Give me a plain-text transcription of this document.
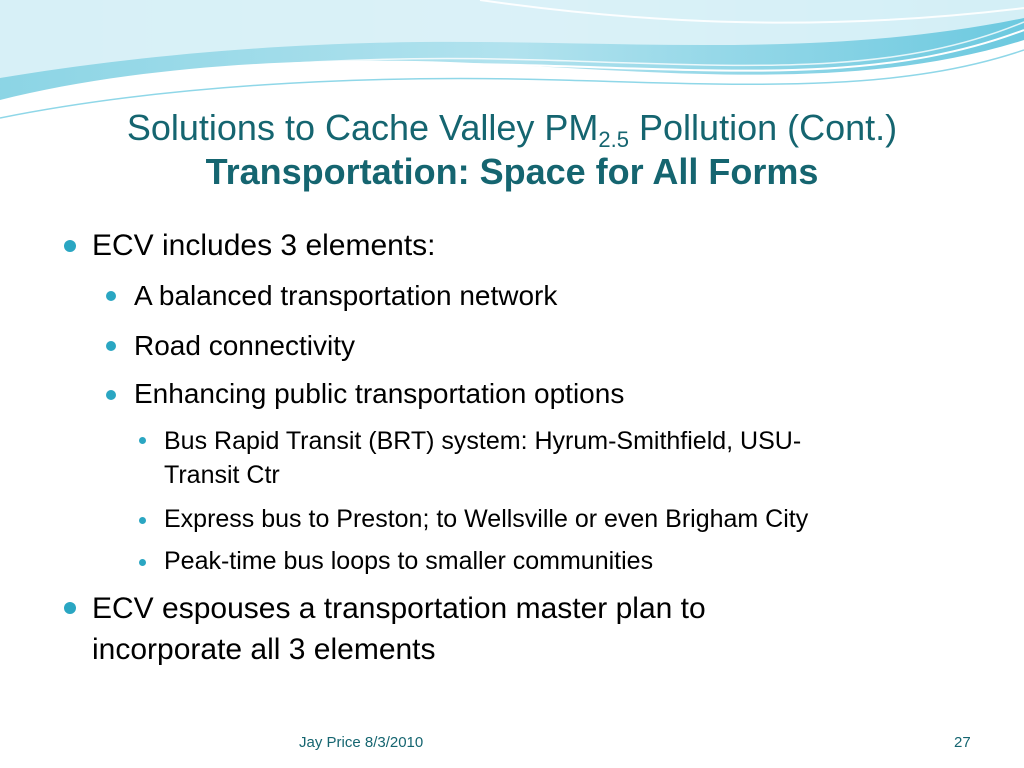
Solutions to Cache Valley $PM_{2.5}$ Pollution (Cont.)
Transportation: Space for All Forms
ECV includes 3 elements:
A balanced transportation network
Road connectivity
Enhancing public transportation options
Bus Rapid Transit (BRT) system: Hyrum-Smithfield, USU-
Transit Ctr
Express bus to Preston; to Wellsville or even Brigham City
Peak-time bus loops to smaller communities
ECV espouses a transportation master plan to
incorporate all 3 elements
Jay Price 8/3/2010	27
